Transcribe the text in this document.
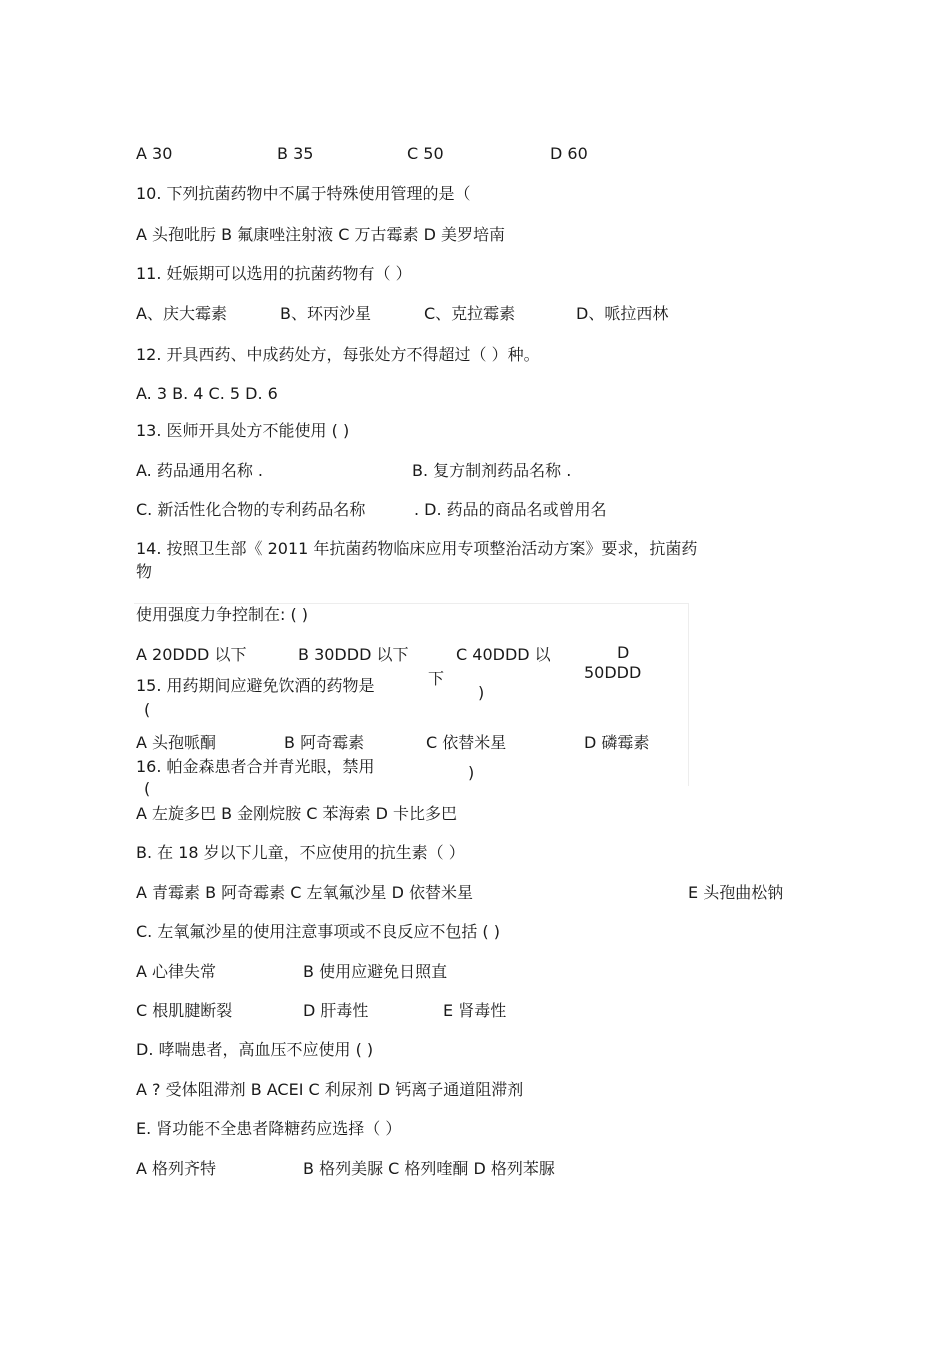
A 30	B 35	C 50	D 60
10. 下列抗菌药物中不属于特殊使用管理的是（
A 头孢吡肟 B 氟康唑注射液 C 万古霉素 D 美罗培南
11. 妊娠期可以选用的抗菌药物有（ ）
A、庆大霉素	B、环丙沙星	C、克拉霉素	D、哌拉西林
12. 开具西药、中成药处方，每张处方不得超过（ ）种。
A. 3 B. 4 C. 5 D. 6
13. 医师开具处方不能使用 ( )
A. 药品通用名称 .	B. 复方制剂药品名称 .
C. 新活性化合物的专利药品名称	. D. 药品的商品名或曾用名
14. 按照卫生部《 2011 年抗菌药物临床应用专项整治活动方案》要求，抗菌药
物
使用强度力争控制在: ( )
A 20DDD 以下	B 30DDD 以下	C 40DDD 以
下
D
50DDD
15. 用药期间应避免饮酒的药物是
(
)
A 头孢哌酮	B 阿奇霉素	C 依替米星	D 磷霉素
16. 帕金森患者合并青光眼，禁用
(
)
A 左旋多巴 B 金刚烷胺 C 苯海索 D 卡比多巴
B. 在 18 岁以下儿童，不应使用的抗生素（ ）
A 青霉素 B 阿奇霉素 C 左氧氟沙星 D 依替米星	E 头孢曲松钠
C. 左氧氟沙星的使用注意事项或不良反应不包括 ( )
A 心律失常	B 使用应避免日照直
C 根肌腱断裂	D 肝毒性	E 肾毒性
D. 哮喘患者，高血压不应使用 ( )
A ? 受体阻滞剂 B ACEI C 利尿剂 D 钙离子通道阻滞剂
E. 肾功能不全患者降糖药应选择（ ）
A 格列齐特	B 格列美脲 C 格列喹酮 D 格列苯脲
